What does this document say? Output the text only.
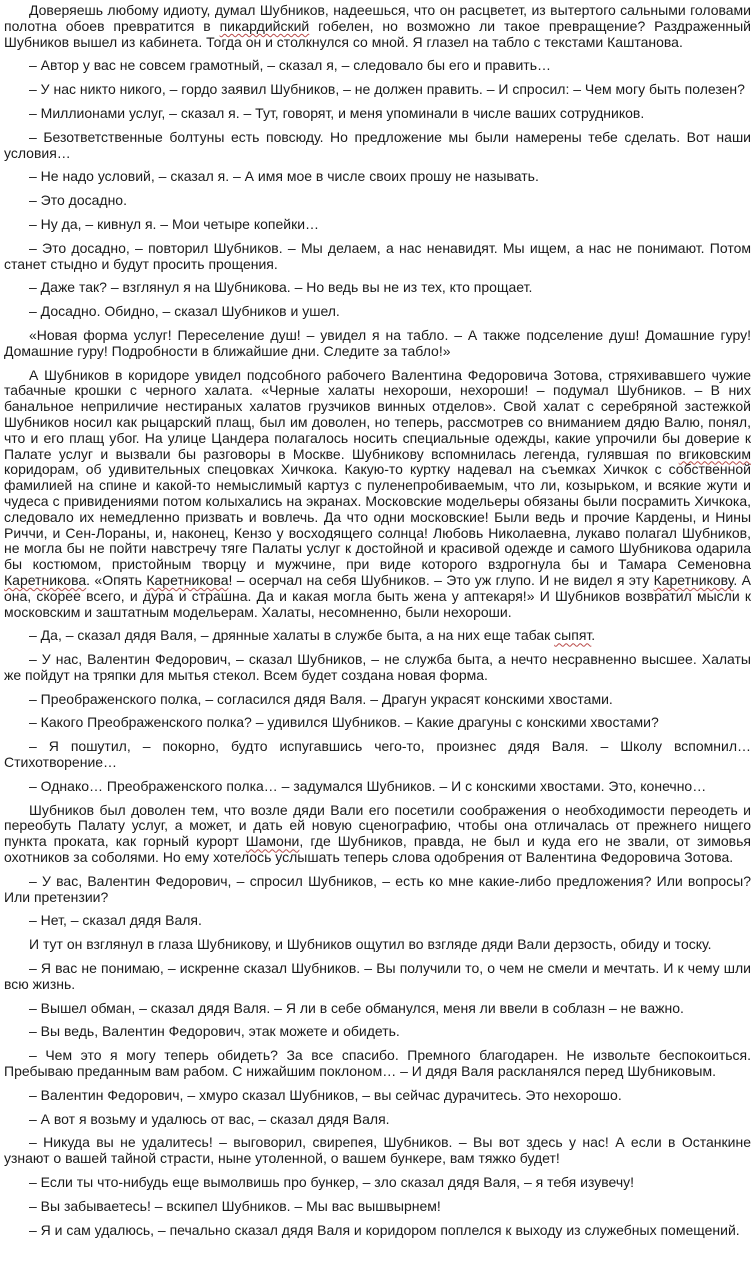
Доверяешь любому идиоту, думал Шубников, надеешься, что он расцветет, из вытертого сальными головами полотна обоев превратится в пикардийский гобелен, но возможно ли такое превращение? Раздраженный Шубников вышел из кабинета. Тогда он и столкнулся со мной. Я глазел на табло с текстами Каштанова.

– Автор у вас не совсем грамотный, – сказал я, – следовало бы его и править…

– У нас никто никого, – гордо заявил Шубников, – не должен править. – И спросил: – Чем могу быть полезен?

– Миллионами услуг, – сказал я. – Тут, говорят, и меня упоминали в числе ваших сотрудников.

– Безответственные болтуны есть повсюду. Но предложение мы были намерены тебе сделать. Вот наши условия…

– Не надо условий, – сказал я. – А имя мое в числе своих прошу не называть.

– Это досадно.

– Ну да, – кивнул я. – Мои четыре копейки…

– Это досадно, – повторил Шубников. – Мы делаем, а нас ненавидят. Мы ищем, а нас не понимают. Потом станет стыдно и будут просить прощения.

– Даже так? – взглянул я на Шубникова. – Но ведь вы не из тех, кто прощает.

– Досадно. Обидно, – сказал Шубников и ушел.

«Новая форма услуг! Переселение душ! – увидел я на табло. – А также подселение душ! Домашние гуру! Домашние гуру! Подробности в ближайшие дни. Следите за табло!»

А Шубников в коридоре увидел подсобного рабочего Валентина Федоровича Зотова, стряхивавшего чужие табачные крошки с черного халата. «Черные халаты нехороши, нехороши! – подумал Шубников. – В них банальное неприличие нестираных халатов грузчиков винных отделов». Свой халат с серебряной застежкой Шубников носил как рыцарский плащ, был им доволен, но теперь, рассмотрев со вниманием дядю Валю, понял, что и его плащ убог. На улице Цандера полагалось носить специальные одежды, какие упрочили бы доверие к Палате услуг и вызвали бы разговоры в Москве. Шубникову вспомнилась легенда, гулявшая по вгиковским коридорам, об удивительных спецовках Хичкока. Какую-то куртку надевал на съемках Хичкок с собственной фамилией на спине и какой-то немыслимый картуз с пуленепробиваемым, что ли, козырьком, и всякие жути и чудеса с привидениями потом колыхались на экранах. Московские модельеры обязаны были посрамить Хичкока, следовало их немедленно призвать и вовлечь. Да что одни московские! Были ведь и прочие Кардены, и Нины Риччи, и Сен-Лораны, и, наконец, Кензо у восходящего солнца! Любовь Николаевна, лукаво полагал Шубников, не могла бы не пойти навстречу тяге Палаты услуг к достойной и красивой одежде и самого Шубникова одарила бы костюмом, пристойным творцу и мужчине, при виде которого вздрогнула бы и Тамара Семеновна Каретникова. «Опять Каретникова! – осерчал на себя Шубников. – Это уж глупо. И не видел я эту Каретникову. А она, скорее всего, и дура и страшна. Да и какая могла быть жена у аптекаря!» И Шубников возвратил мысли к московским и заштатным модельерам. Халаты, несомненно, были нехороши.

– Да, – сказал дядя Валя, – дрянные халаты в службе быта, а на них еще табак сыпят.

– У нас, Валентин Федорович, – сказал Шубников, – не служба быта, а нечто несравненно высшее. Халаты же пойдут на тряпки для мытья стекол. Всем будет создана новая форма.

– Преображенского полка, – согласился дядя Валя. – Драгун украсят конскими хвостами.

– Какого Преображенского полка? – удивился Шубников. – Какие драгуны с конскими хвостами?

– Я пошутил, – покорно, будто испугавшись чего-то, произнес дядя Валя. – Школу вспомнил… Стихотворение…

– Однако… Преображенского полка… – задумался Шубников. – И с конскими хвостами. Это, конечно…

Шубников был доволен тем, что возле дяди Вали его посетили соображения о необходимости переодеть и переобуть Палату услуг, а может, и дать ей новую сценографию, чтобы она отличалась от прежнего нищего пункта проката, как горный курорт Шамони, где Шубников, правда, не был и куда его не звали, от зимовья охотников за соболями. Но ему хотелось услышать теперь слова одобрения от Валентина Федоровича Зотова.

– У вас, Валентин Федорович, – спросил Шубников, – есть ко мне какие-либо предложения? Или вопросы? Или претензии?

– Нет, – сказал дядя Валя.

И тут он взглянул в глаза Шубникову, и Шубников ощутил во взгляде дяди Вали дерзость, обиду и тоску.

– Я вас не понимаю, – искренне сказал Шубников. – Вы получили то, о чем не смели и мечтать. И к чему шли всю жизнь.

– Вышел обман, – сказал дядя Валя. – Я ли в себе обманулся, меня ли ввели в соблазн – не важно.

– Вы ведь, Валентин Федорович, этак можете и обидеть.

– Чем это я могу теперь обидеть? За все спасибо. Премного благодарен. Не извольте беспокоиться. Пребываю преданным вам рабом. С нижайшим поклоном… – И дядя Валя раскланялся перед Шубниковым.

– Валентин Федорович, – хмуро сказал Шубников, – вы сейчас дурачитесь. Это нехорошо.

– А вот я возьму и удалюсь от вас, – сказал дядя Валя.

– Никуда вы не удалитесь! – выговорил, свирепея, Шубников. – Вы вот здесь у нас! А если в Останкине узнают о вашей тайной страсти, ныне утоленной, о вашем бункере, вам тяжко будет!

– Если ты что-нибудь еще вымолвишь про бункер, – зло сказал дядя Валя, – я тебя изувечу!

– Вы забываетесь! – вскипел Шубников. – Мы вас вышвырнем!

– Я и сам удалюсь, – печально сказал дядя Валя и коридором поплелся к выходу из служебных помещений.
